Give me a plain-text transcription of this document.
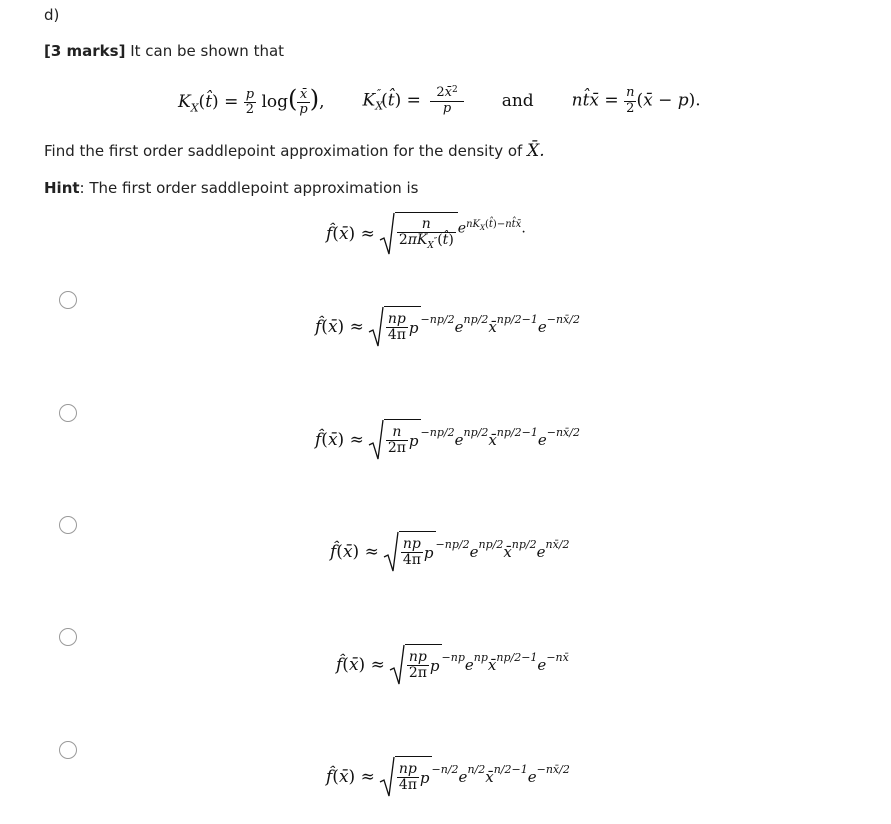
d)
[3 marks] It can be shown that
$K_X(t̂) = \frac{p}{2} \log( \frac{x̄}{p}$ ), $K_X''(t̂) = \frac{2x̄^2}{p}$ and nt̂x̄ = $\frac{n}{2}$ (x̄ − p).
Find the first order saddlepoint approximation for the density of X̄.
Hint: The first order saddlepoint approximation is
f̂(x̄) ≈ $\frac{n}{2\pi K_X''(t̂)} e^{nK_X(t̂)-nt̂x̄}$.
f̂(x̄) ≈ $\frac{np}{4\pi}$ p −np/2 e np/2 x̄ np/2−1 e −nx̄/2
f̂(x̄) ≈ $\frac{n}{2\pi}$ p −np/2 e np/2 x̄ np/2−1 e −nx̄/2
f̂(x̄) ≈ $\frac{np}{4\pi}$ p −np/2 e np/2 x̄ np/2 e nx̄/2
f̂(x̄) ≈ $\frac{np}{2\pi}$ p −np e np x̄ np/2−1 e −nx̄
f̂(x̄) ≈ $\frac{np}{4\pi}$ p −n/2 e n/2 x̄ n/2−1 e −nx̄/2
